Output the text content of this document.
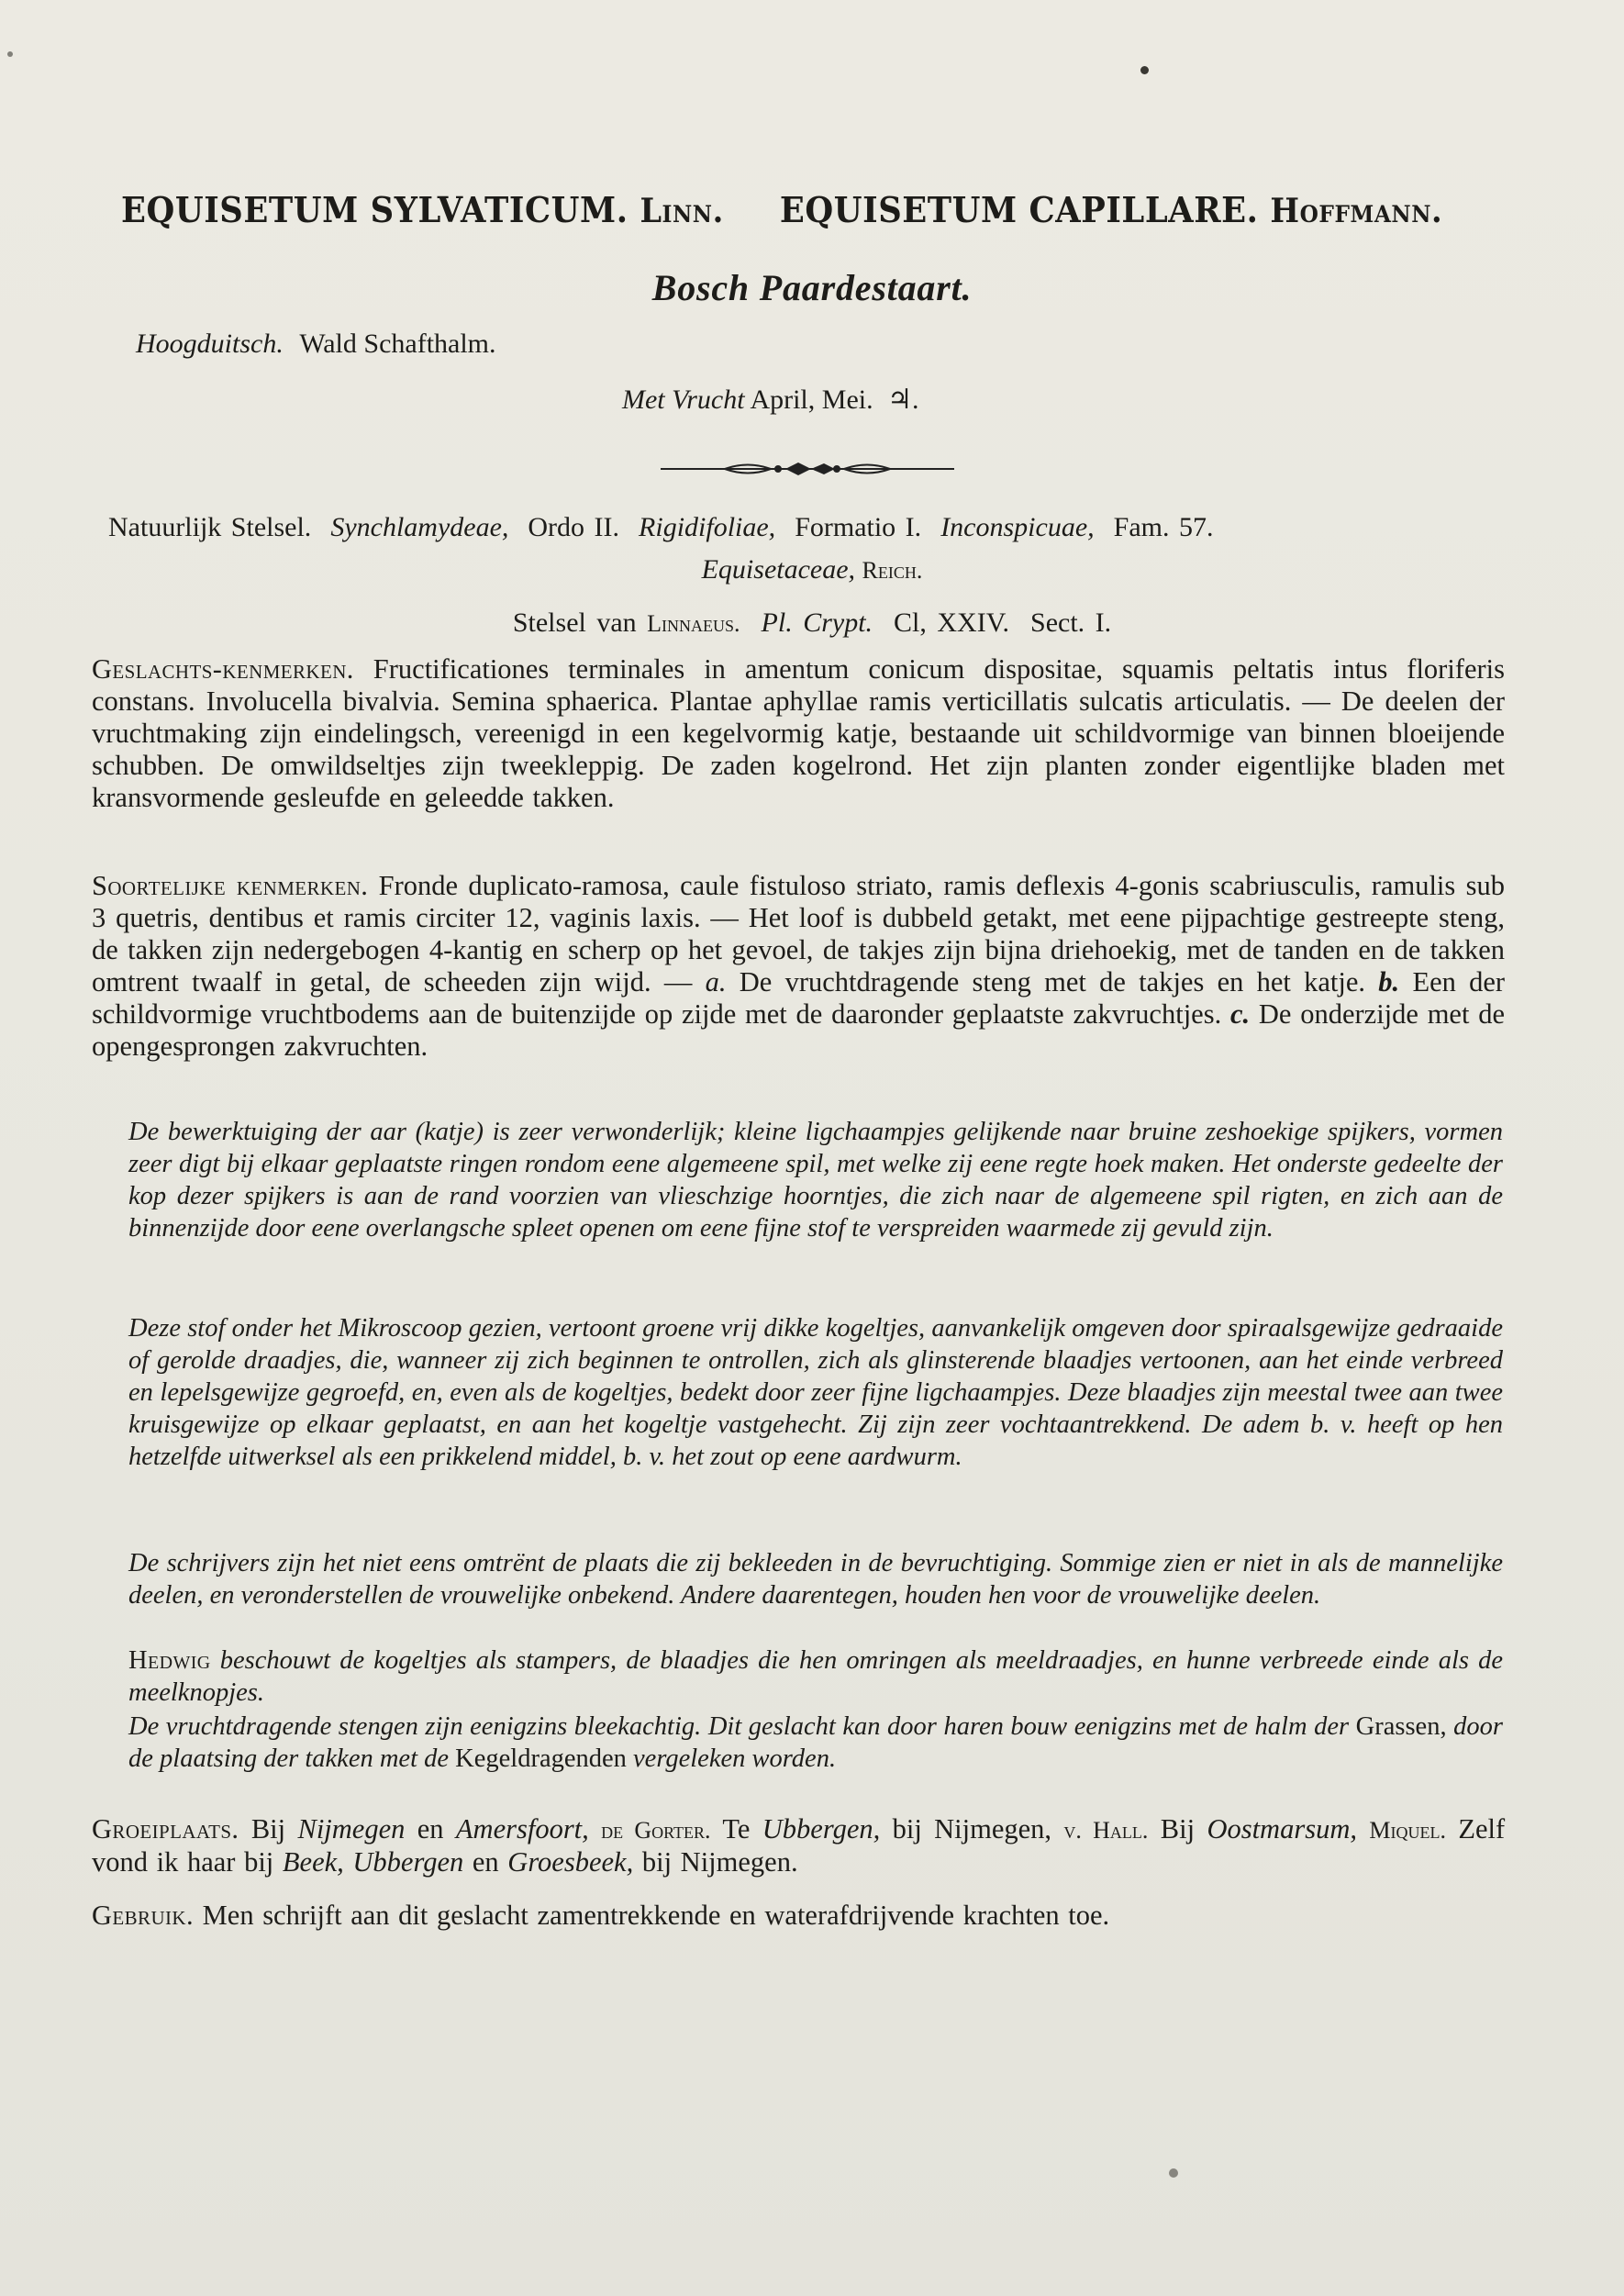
EQUISETUM SYLVATICUM. Linn. EQUISETUM CAPILLARE. Hoffmann.
Bosch Paardestaart.
Hoogduitsch. Wald Schafthalm.
Met Vrucht April, Mei. ♃.
Natuurlijk Stelsel. Synchlamydeae, Ordo II. Rigidifoliae, Formatio I. Inconspicuae, Fam. 57.
Equisetaceae, Reich.
Stelsel van Linnaeus. Pl. Crypt. Cl, XXIV. Sect. I.
Geslachts-kenmerken. Fructificationes terminales in amentum conicum dispositae, squamis peltatis intus floriferis constans. Involucella bivalvia. Semina sphaerica. Plantae aphyllae ramis verticillatis sulcatis articulatis. — De deelen der vruchtmaking zijn eindelingsch, vereenigd in een kegelvormig katje, bestaande uit schildvormige van binnen bloeijende schubben. De omwildseltjes zijn tweekleppig. De zaden kogelrond. Het zijn planten zonder eigentlijke bladen met kransvormende gesleufde en geleedde takken.
Soortelijke kenmerken. Fronde duplicato-ramosa, caule fistuloso striato, ramis deflexis 4-gonis scabriusculis, ramulis sub 3 quetris, dentibus et ramis circiter 12, vaginis laxis. — Het loof is dubbeld getakt, met eene pijpachtige gestreepte steng, de takken zijn nedergebogen 4-kantig en scherp op het gevoel, de takjes zijn bijna driehoekig, met de tanden en de takken omtrent twaalf in getal, de scheeden zijn wijd. — a. De vruchtdragende steng met de takjes en het katje. b. Een der schildvormige vruchtbodems aan de buitenzijde op zijde met de daaronder geplaatste zakvruchtjes. c. De onderzijde met de opengesprongen zakvruchten.
De bewerktuiging der aar (katje) is zeer verwonderlijk; kleine ligchaampjes gelijkende naar bruine zeshoekige spijkers, vormen zeer digt bij elkaar geplaatste ringen rondom eene algemeene spil, met welke zij eene regte hoek maken. Het onderste gedeelte der kop dezer spijkers is aan de rand voorzien van vlieschzige hoorntjes, die zich naar de algemeene spil rigten, en zich aan de binnenzijde door eene overlangsche spleet openen om eene fijne stof te verspreiden waarmede zij gevuld zijn.
Deze stof onder het Mikroscoop gezien, vertoont groene vrij dikke kogeltjes, aanvankelijk omgeven door spiraalsgewijze gedraaide of gerolde draadjes, die, wanneer zij zich beginnen te ontrollen, zich als glinsterende blaadjes vertoonen, aan het einde verbreed en lepelsgewijze gegroefd, en, even als de kogeltjes, bedekt door zeer fijne ligchaampjes. Deze blaadjes zijn meestal twee aan twee kruisgewijze op elkaar geplaatst, en aan het kogeltje vastgehecht. Zij zijn zeer vochtaantrekkend. De adem b. v. heeft op hen hetzelfde uitwerksel als een prikkelend middel, b. v. het zout op eene aardwurm.
De schrijvers zijn het niet eens omtrënt de plaats die zij bekleeden in de bevruchtiging. Sommige zien er niet in als de mannelijke deelen, en veronderstellen de vrouwelijke onbekend. Andere daarentegen, houden hen voor de vrouwelijke deelen.
Hedwig beschouwt de kogeltjes als stampers, de blaadjes die hen omringen als meeldraadjes, en hunne verbreede einde als de meelknopjes.
De vruchtdragende stengen zijn eenigzins bleekachtig. Dit geslacht kan door haren bouw eenigzins met de halm der Grassen, door de plaatsing der takken met de Kegeldragenden vergeleken worden.
Groeiplaats. Bij Nijmegen en Amersfoort, de Gorter. Te Ubbergen, bij Nijmegen, v. Hall. Bij Oostmarsum, Miquel. Zelf vond ik haar bij Beek, Ubbergen en Groesbeek, bij Nijmegen.
Gebruik. Men schrijft aan dit geslacht zamentrekkende en waterafdrijvende krachten toe.
